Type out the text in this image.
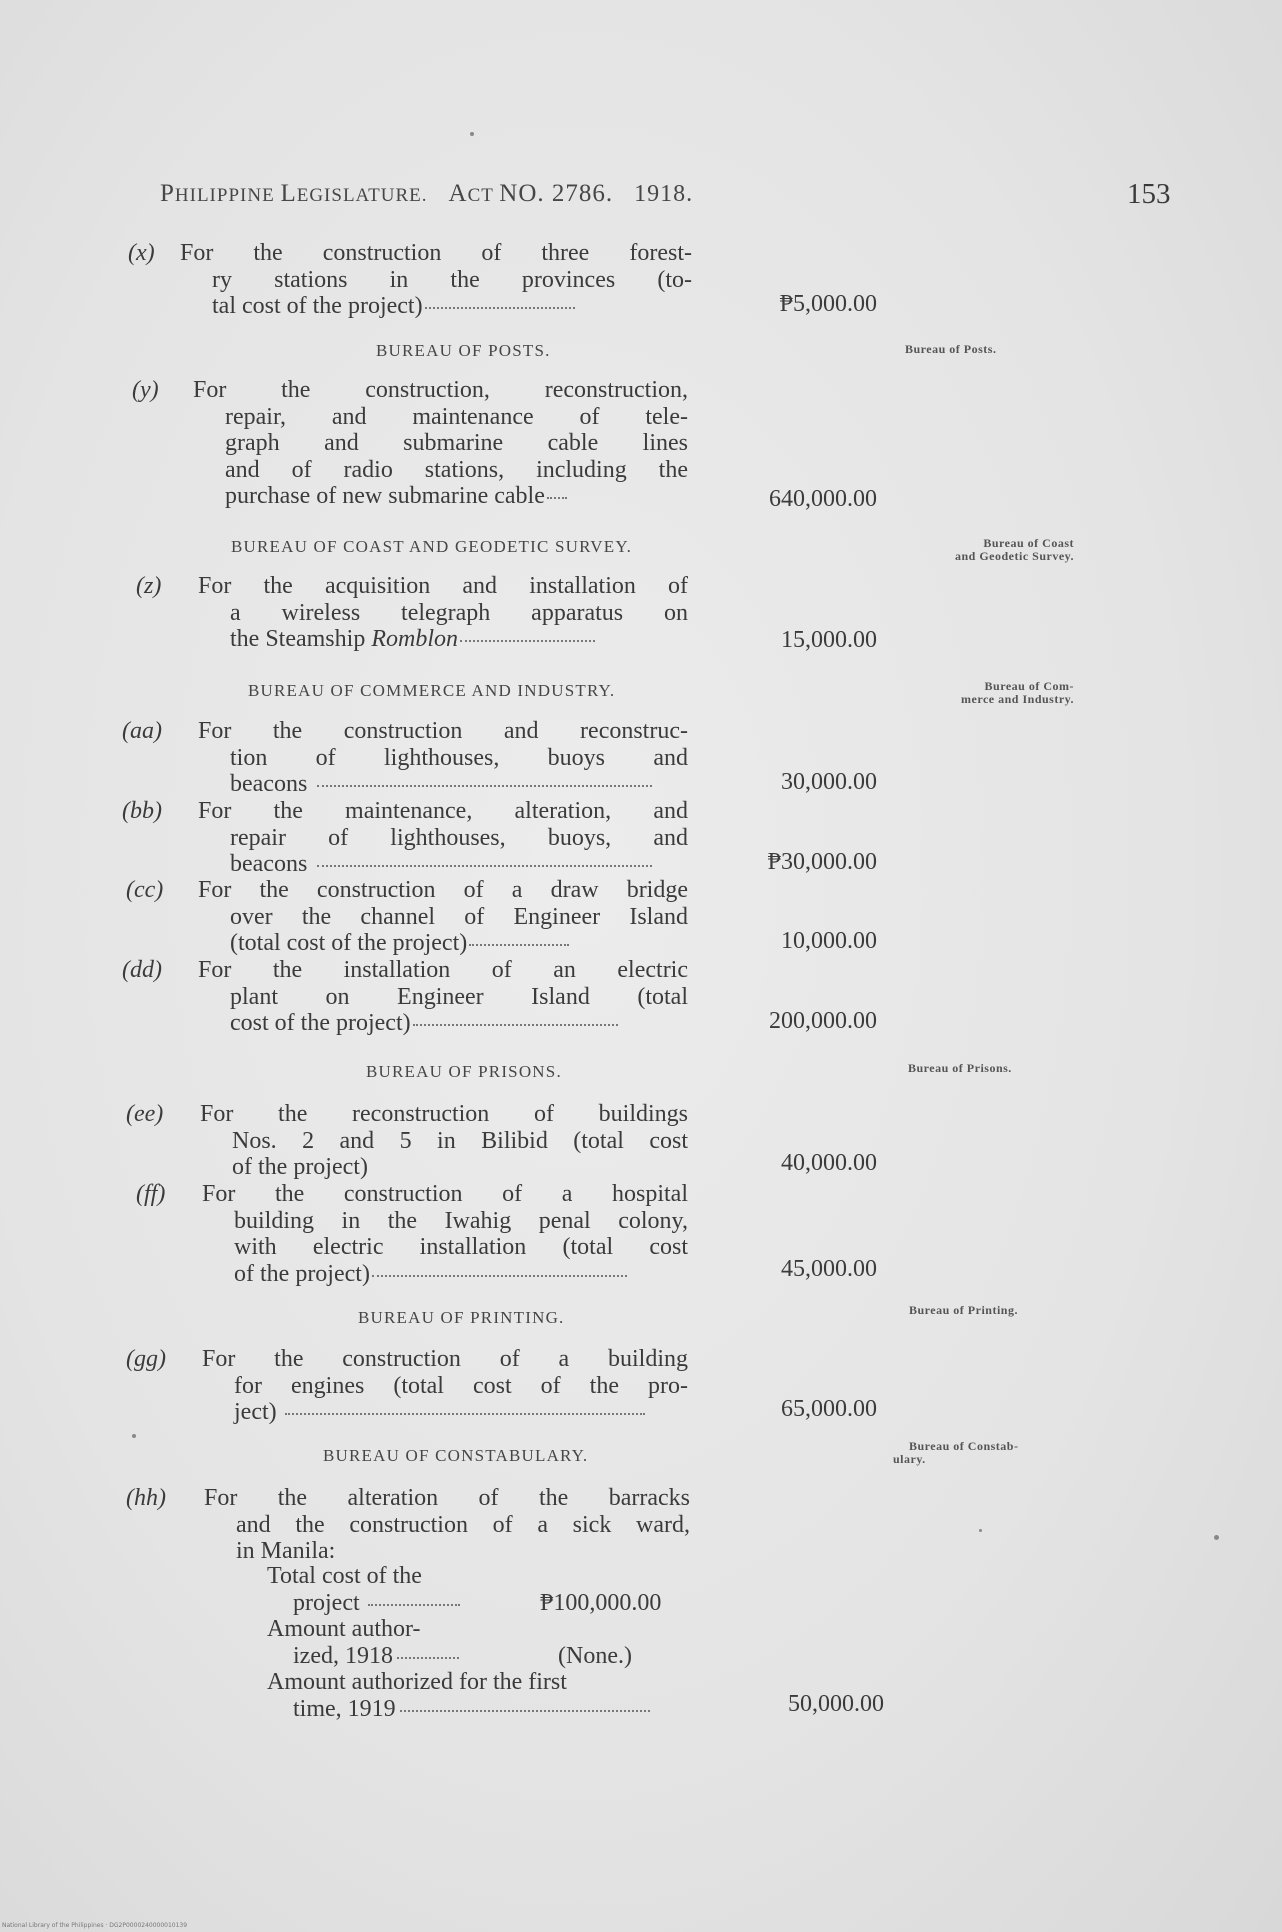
PHILIPPINE LEGISLATURE. ACT NO. 2786. 1918.	153
(x) For the construction of three forest-
ry stations in the provinces (to-
tal cost of the project)	₱5,000.00
BUREAU OF POSTS.	Bureau of Posts.
(y) For the construction, reconstruction,
repair, and maintenance of tele-
graph and submarine cable lines
and of radio stations, including the
purchase of new submarine cable	640,000.00
BUREAU OF COAST AND GEODETIC SURVEY.	Bureau of Coast
and Geodetic Survey.
(z) For the acquisition and installation of
a wireless telegraph apparatus on
the Steamship Romblon	15,000.00
BUREAU OF COMMERCE AND INDUSTRY.	Bureau of Com-
merce and Industry.
(aa) For the construction and reconstruc-
tion of lighthouses, buoys and
beacons	30,000.00
(bb) For the maintenance, alteration, and
repair of lighthouses, buoys, and
beacons	₱30,000.00
(cc) For the construction of a draw bridge
over the channel of Engineer Island
(total cost of the project)	10,000.00
(dd) For the installation of an electric
plant on Engineer Island (total
cost of the project)	200,000.00
BUREAU OF PRISONS.	Bureau of Prisons.
(ee) For the reconstruction of buildings
Nos. 2 and 5 in Bilibid (total cost
of the project)	40,000.00
(ff) For the construction of a hospital
building in the Iwahig penal colony,
with electric installation (total cost
of the project)	45,000.00
BUREAU OF PRINTING.	Bureau of Printing.
(gg) For the construction of a building
for engines (total cost of the pro-
ject)	65,000.00
BUREAU OF CONSTABULARY.	Bureau of Constab-
ulary.
(hh) For the alteration of the barracks
and the construction of a sick ward,
in Manila:
Total cost of the
project	₱100,000.00
Amount author-
ized, 1918	(None.)
Amount authorized for the first
time, 1919	50,000.00
National Library of the Philippines · DG2P0000240000010139
